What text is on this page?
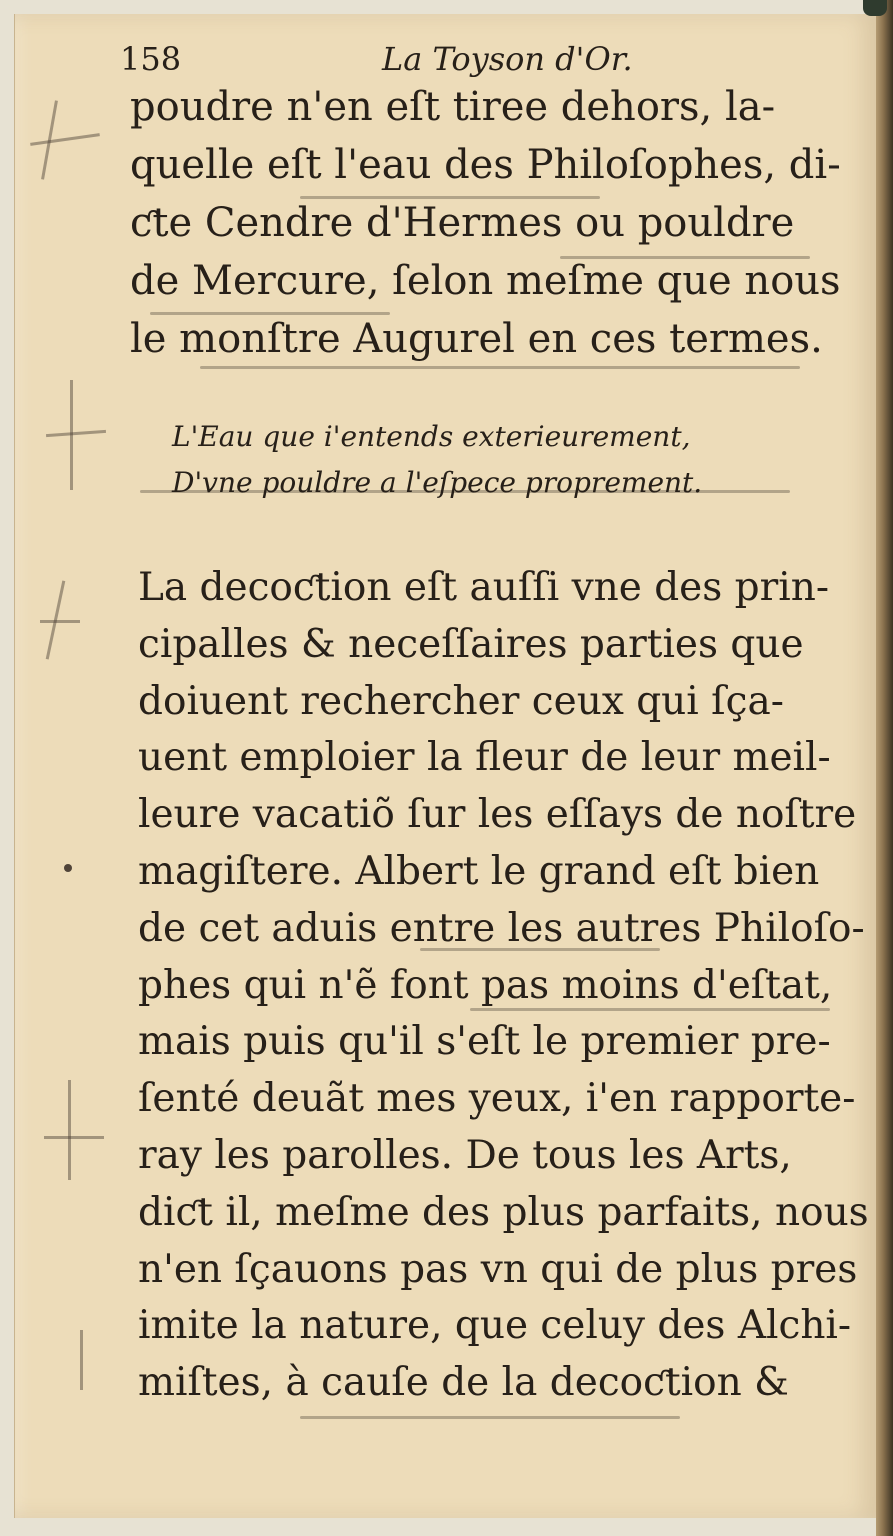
158	La Toyson d'Or.
poudre n'en eſt tiree dehors, la-
quelle eſt l'eau des Philoſophes, di-
ƈte Cendre d'Hermes ou pouldre
de Mercure, ſelon meſme que nous
le monſtre Augurel en ces termes.
L'Eau que i'entends exterieurement,
D'vne pouldre a l'eſpece proprement.
La decoƈtion eſt auſſi vne des prin-
cipalles & neceſſaires parties que
doiuent rechercher ceux qui ſça-
uent emploier la fleur de leur meil-
leure vacatiõ ſur les eſſays de noſtre
magiſtere. Albert le grand eſt bien
de cet aduis entre les autres Philoſo-
phes qui n'ẽ font pas moins d'eſtat,
mais puis qu'il s'eſt le premier pre-
ſenté deuãt mes yeux, i'en rapporte-
ray les parolles. De tous les Arts,
diƈt il, meſme des plus parfaits, nous
n'en ſçauons pas vn qui de plus pres
imite la nature, que celuy des Alchi-
miſtes, à cauſe de la decoƈtion &
